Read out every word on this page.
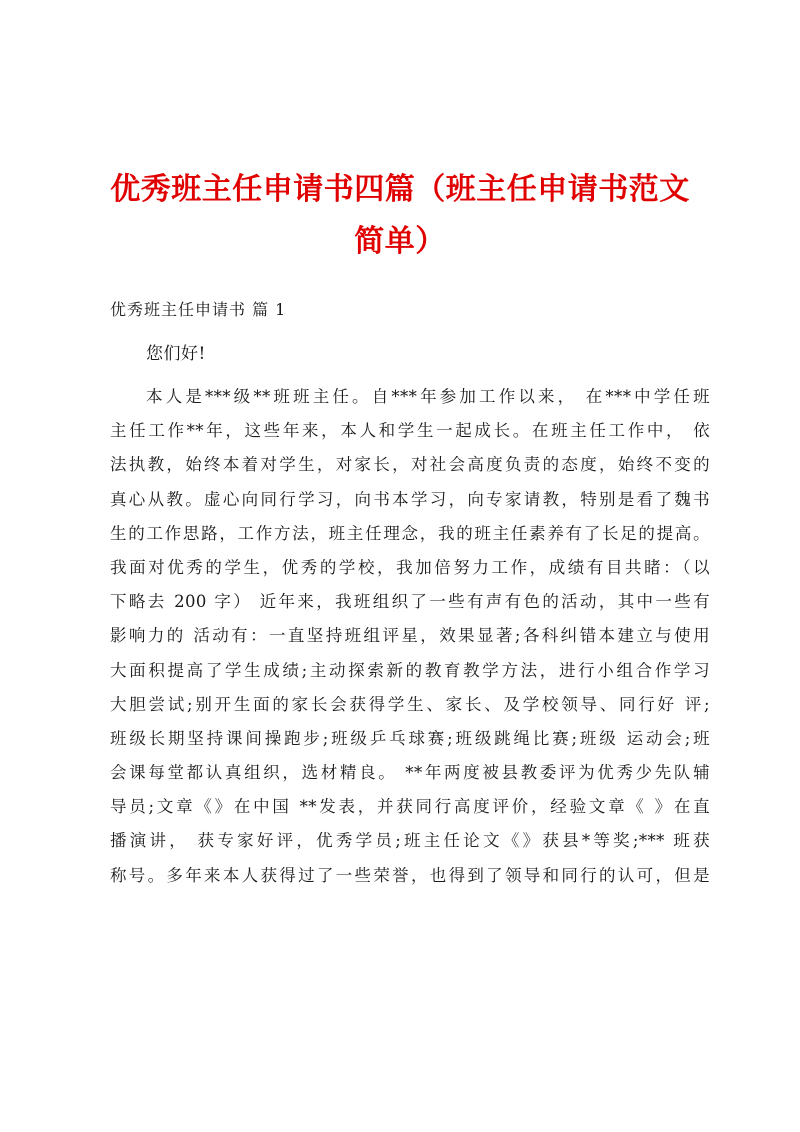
优秀班主任申请书四篇（班主任申请书范文简单）

优秀班主任申请书 篇 1

您们好!

本人是***级**班班主任。自***年参加工作以来， 在***中学任班
主任工作**年，这些年来，本人和学生一起成长。在班主任工作中， 依
法执教，始终本着对学生，对家长，对社会高度负责的态度，始终不变的
真心从教。虚心向同行学习，向书本学习，向专家请教，特别是看了魏书
生的工作思路，工作方法，班主任理念，我的班主任素养有了长足的提高。
我面对优秀的学生，优秀的学校，我加倍努力工作，成绩有目共睹：（以
下略去 200 字） 近年来，我班组织了一些有声有色的活动，其中一些有
影响力的 活动有：一直坚持班组评星，效果显著;各科纠错本建立与使用
大面积提高了学生成绩;主动探索新的教育教学方法，进行小组合作学习
大胆尝试;别开生面的家长会获得学生、家长、及学校领导、同行好 评;
班级长期坚持课间操跑步;班级乒乓球赛;班级跳绳比赛;班级 运动会;班
会课每堂都认真组织，选材精良。 **年两度被县教委评为优秀少先队辅
导员;文章《》在中国 **发表，并获同行高度评价，经验文章《 》在直
播演讲， 获专家好评，优秀学员;班主任论文《》获县*等奖;*** 班获
称号。多年来本人获得过了一些荣誉，也得到了领导和同行的认可，但是
